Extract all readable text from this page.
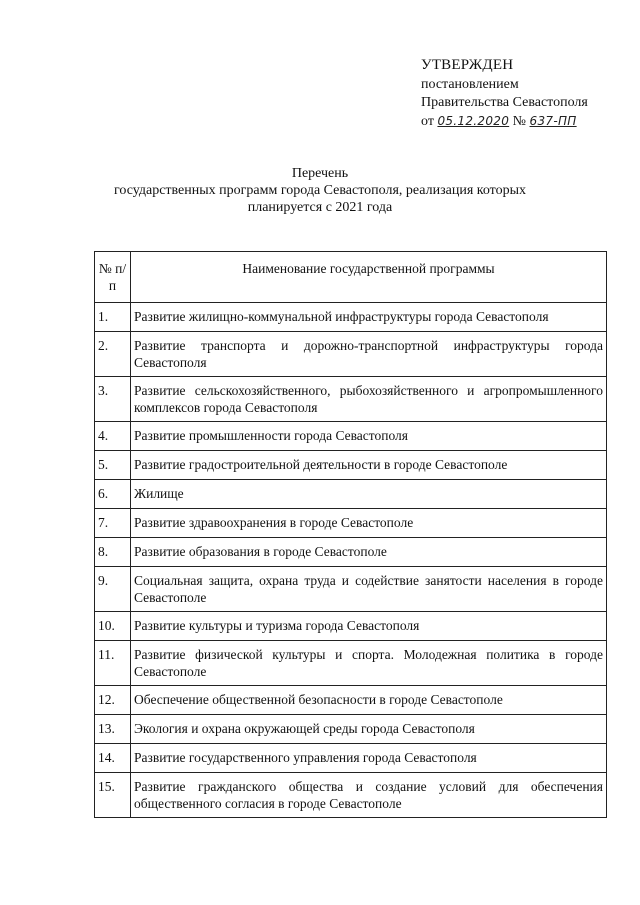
УТВЕРЖДЕН
постановлением
Правительства Севастополя
от 05.12.2020 № 637-ПП
Перечень
государственных программ города Севастополя, реализация которых
планируется с 2021 года
№ п/п	Наименование государственной программы
1.	Развитие жилищно-коммунальной инфраструктуры города Севастополя
2.	Развитие транспорта и дорожно-транспортной инфраструктуры города Севастополя
3.	Развитие сельскохозяйственного, рыбохозяйственного и агропромышленного комплексов города Севастополя
4.	Развитие промышленности города Севастополя
5.	Развитие градостроительной деятельности в городе Севастополе
6.	Жилище
7.	Развитие здравоохранения в городе Севастополе
8.	Развитие образования в городе Севастополе
9.	Социальная защита, охрана труда и содействие занятости населения в городе Севастополе
10.	Развитие культуры и туризма города Севастополя
11.	Развитие физической культуры и спорта. Молодежная политика в городе Севастополе
12.	Обеспечение общественной безопасности в городе Севастополе
13.	Экология и охрана окружающей среды города Севастополя
14.	Развитие государственного управления города Севастополя
15.	Развитие гражданского общества и создание условий для обеспечения общественного согласия в городе Севастополе
